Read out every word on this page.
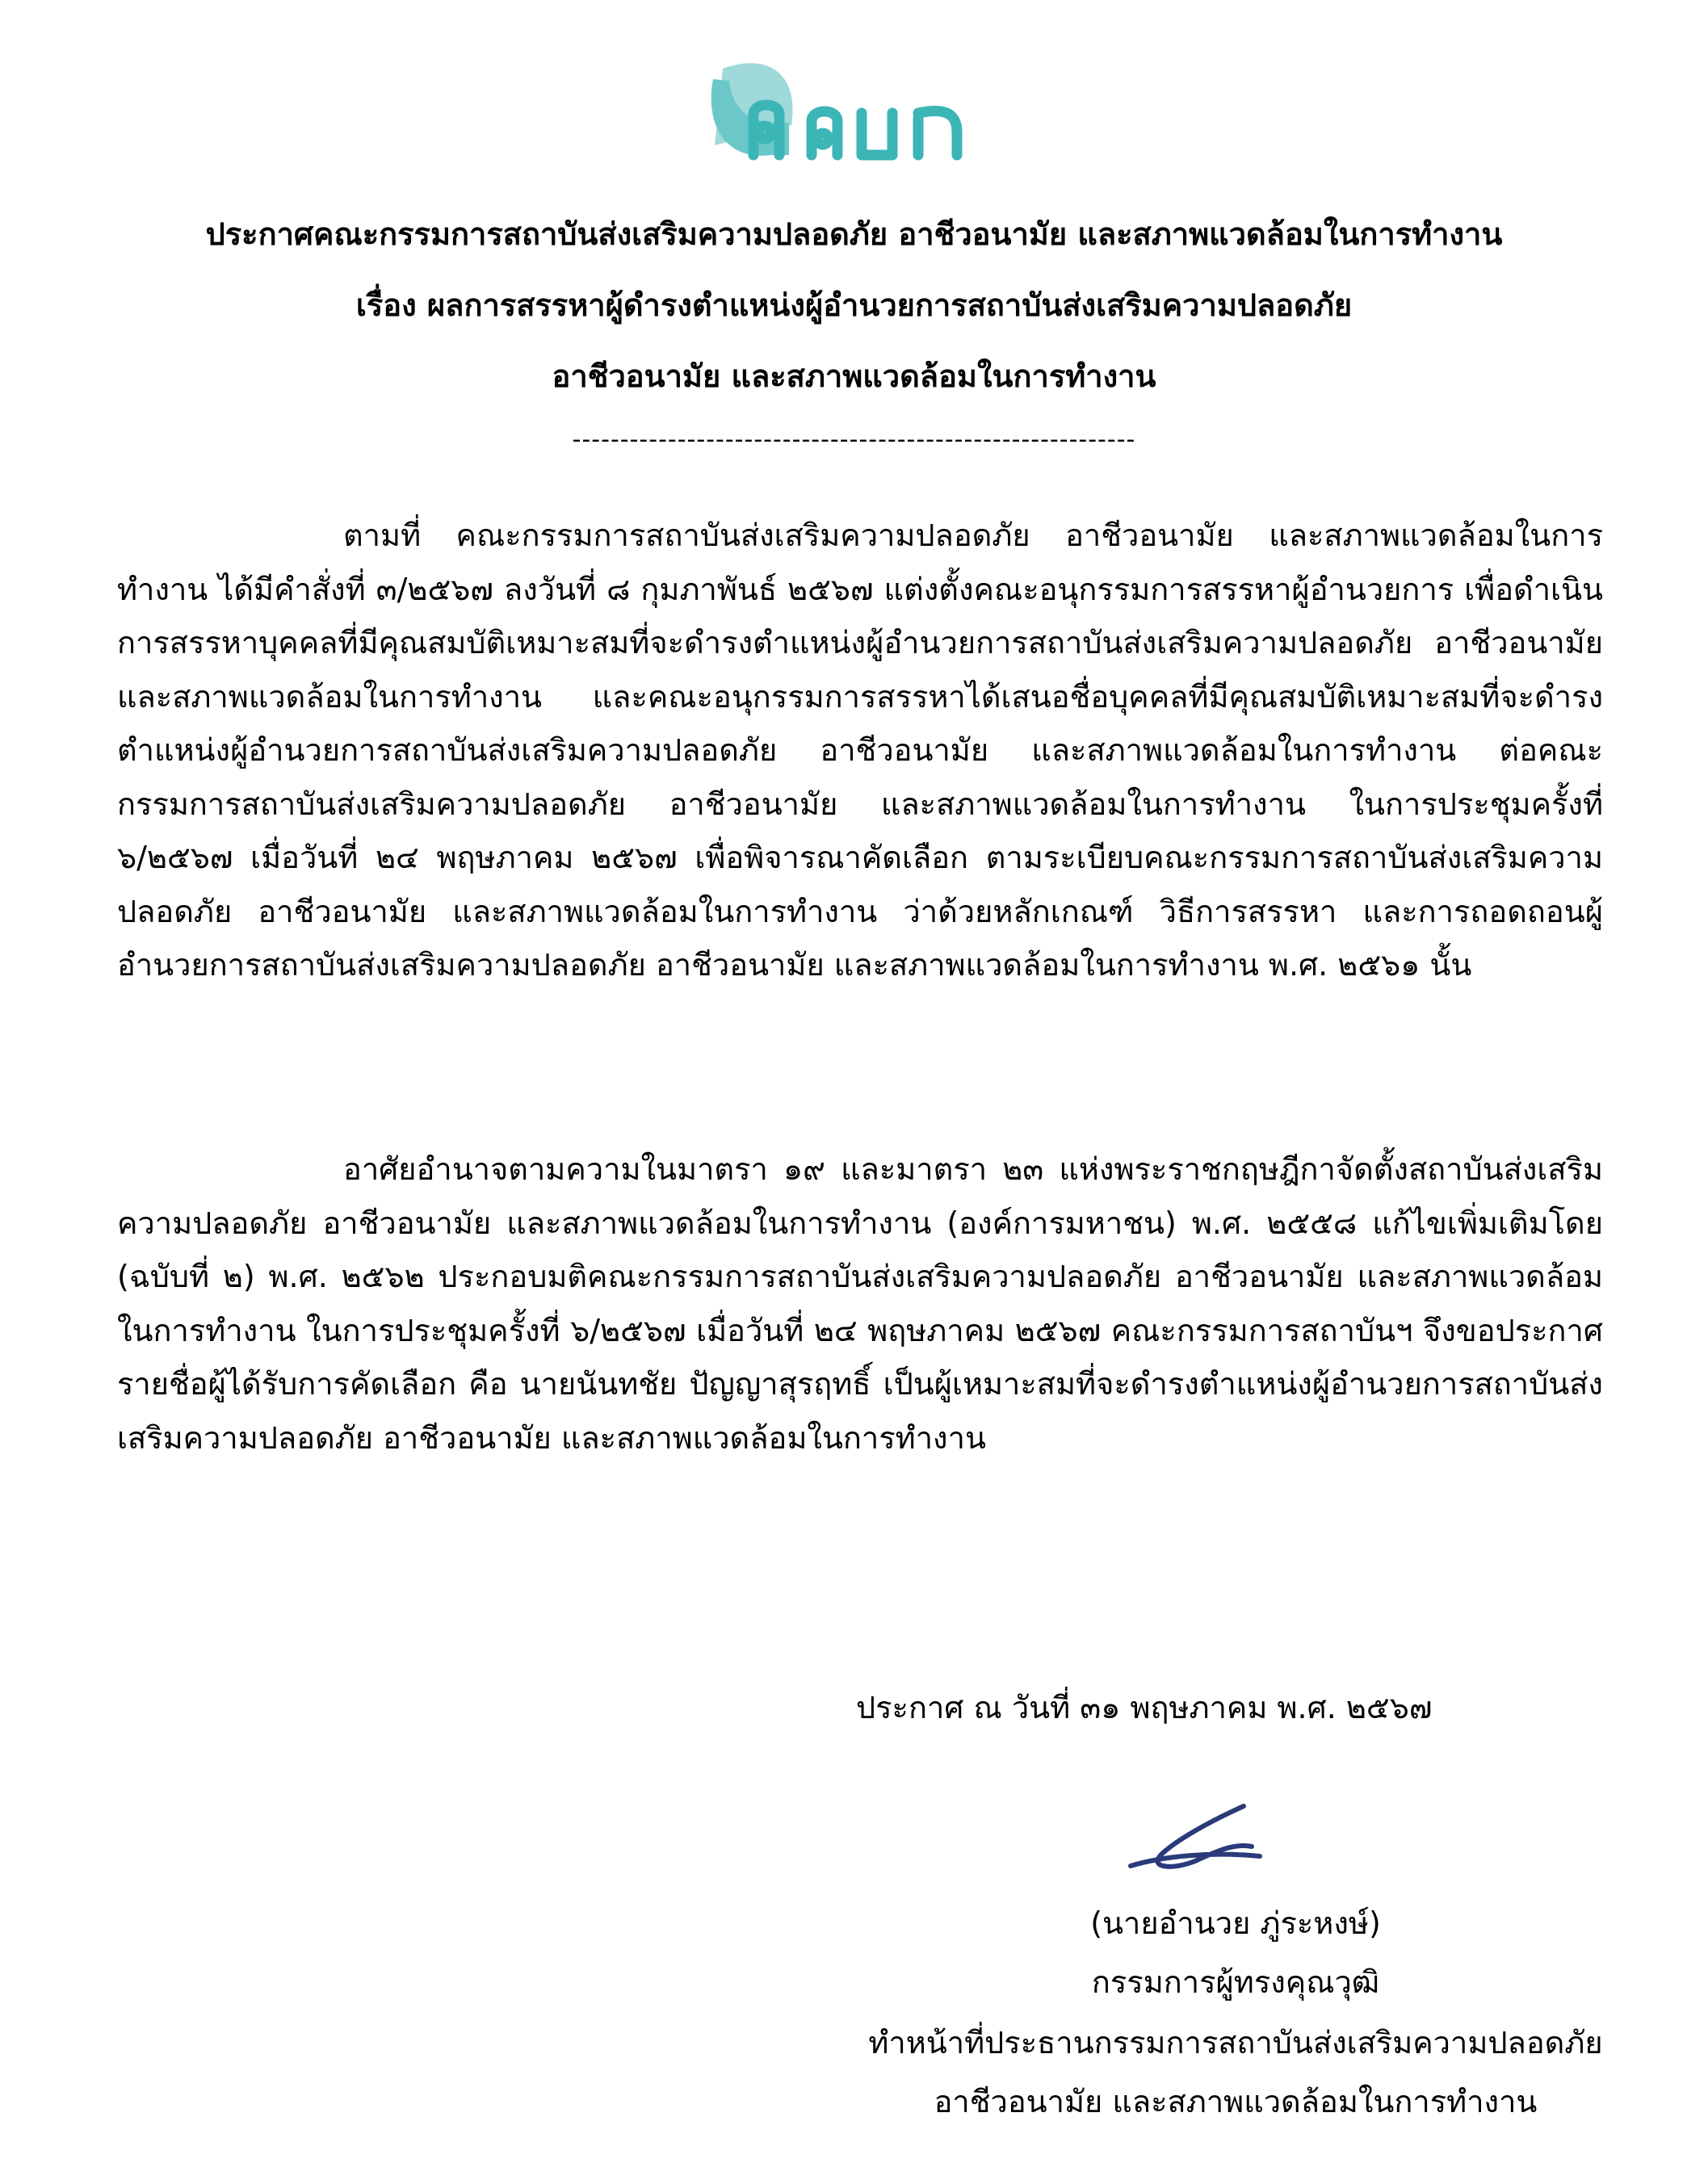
ประกาศคณะกรรมการสถาบันส่งเสริมความปลอดภัย อาชีวอนามัย และสภาพแวดล้อมในการทำงาน
เรื่อง ผลการสรรหาผู้ดำรงตำแหน่งผู้อำนวยการสถาบันส่งเสริมความปลอดภัย
อาชีวอนามัย และสภาพแวดล้อมในการทำงาน
-----------------------------------------------------------
ตามที่ คณะกรรมการสถาบันส่งเสริมความปลอดภัย อาชีวอนามัย และสภาพแวดล้อมในการทำงาน ได้มีคำสั่งที่ ๓/๒๕๖๗ ลงวันที่ ๘ กุมภาพันธ์ ๒๕๖๗ แต่งตั้งคณะอนุกรรมการสรรหาผู้อำนวยการ เพื่อดำเนินการสรรหาบุคคลที่มีคุณสมบัติเหมาะสมที่จะดำรงตำแหน่งผู้อำนวยการสถาบันส่งเสริมความปลอดภัย อาชีวอนามัย และสภาพแวดล้อมในการทำงาน และคณะอนุกรรมการสรรหาได้เสนอชื่อบุคคลที่มีคุณสมบัติเหมาะสมที่จะดำรงตำแหน่งผู้อำนวยการสถาบันส่งเสริมความปลอดภัย อาชีวอนามัย และสภาพแวดล้อมในการทำงาน ต่อคณะกรรมการสถาบันส่งเสริมความปลอดภัย อาชีวอนามัย และสภาพแวดล้อมในการทำงาน ในการประชุมครั้งที่ ๖/๒๕๖๗ เมื่อวันที่ ๒๔ พฤษภาคม ๒๕๖๗ เพื่อพิจารณาคัดเลือก ตามระเบียบคณะกรรมการสถาบันส่งเสริมความปลอดภัย อาชีวอนามัย และสภาพแวดล้อมในการทำงาน ว่าด้วยหลักเกณฑ์ วิธีการสรรหา และการถอดถอนผู้อำนวยการสถาบันส่งเสริมความปลอดภัย อาชีวอนามัย และสภาพแวดล้อมในการทำงาน พ.ศ. ๒๕๖๑ นั้น
อาศัยอำนาจตามความในมาตรา ๑๙ และมาตรา ๒๓ แห่งพระราชกฤษฎีกาจัดตั้งสถาบันส่งเสริมความปลอดภัย อาชีวอนามัย และสภาพแวดล้อมในการทำงาน (องค์การมหาชน) พ.ศ. ๒๕๕๘ แก้ไขเพิ่มเติมโดย (ฉบับที่ ๒) พ.ศ. ๒๕๖๒ ประกอบมติคณะกรรมการสถาบันส่งเสริมความปลอดภัย อาชีวอนามัย และสภาพแวดล้อมในการทำงาน ในการประชุมครั้งที่ ๖/๒๕๖๗ เมื่อวันที่ ๒๔ พฤษภาคม ๒๕๖๗ คณะกรรมการสถาบันฯ จึงขอประกาศรายชื่อผู้ได้รับการคัดเลือก คือ นายนันทชัย ปัญญาสุรฤทธิ์ เป็นผู้เหมาะสมที่จะดำรงตำแหน่งผู้อำนวยการสถาบันส่งเสริมความปลอดภัย อาชีวอนามัย และสภาพแวดล้อมในการทำงาน
ประกาศ ณ วันที่ ๓๑ พฤษภาคม พ.ศ. ๒๕๖๗
(นายอำนวย ภู่ระหงษ์)
กรรมการผู้ทรงคุณวุฒิ
ทำหน้าที่ประธานกรรมการสถาบันส่งเสริมความปลอดภัย
อาชีวอนามัย และสภาพแวดล้อมในการทำงาน
